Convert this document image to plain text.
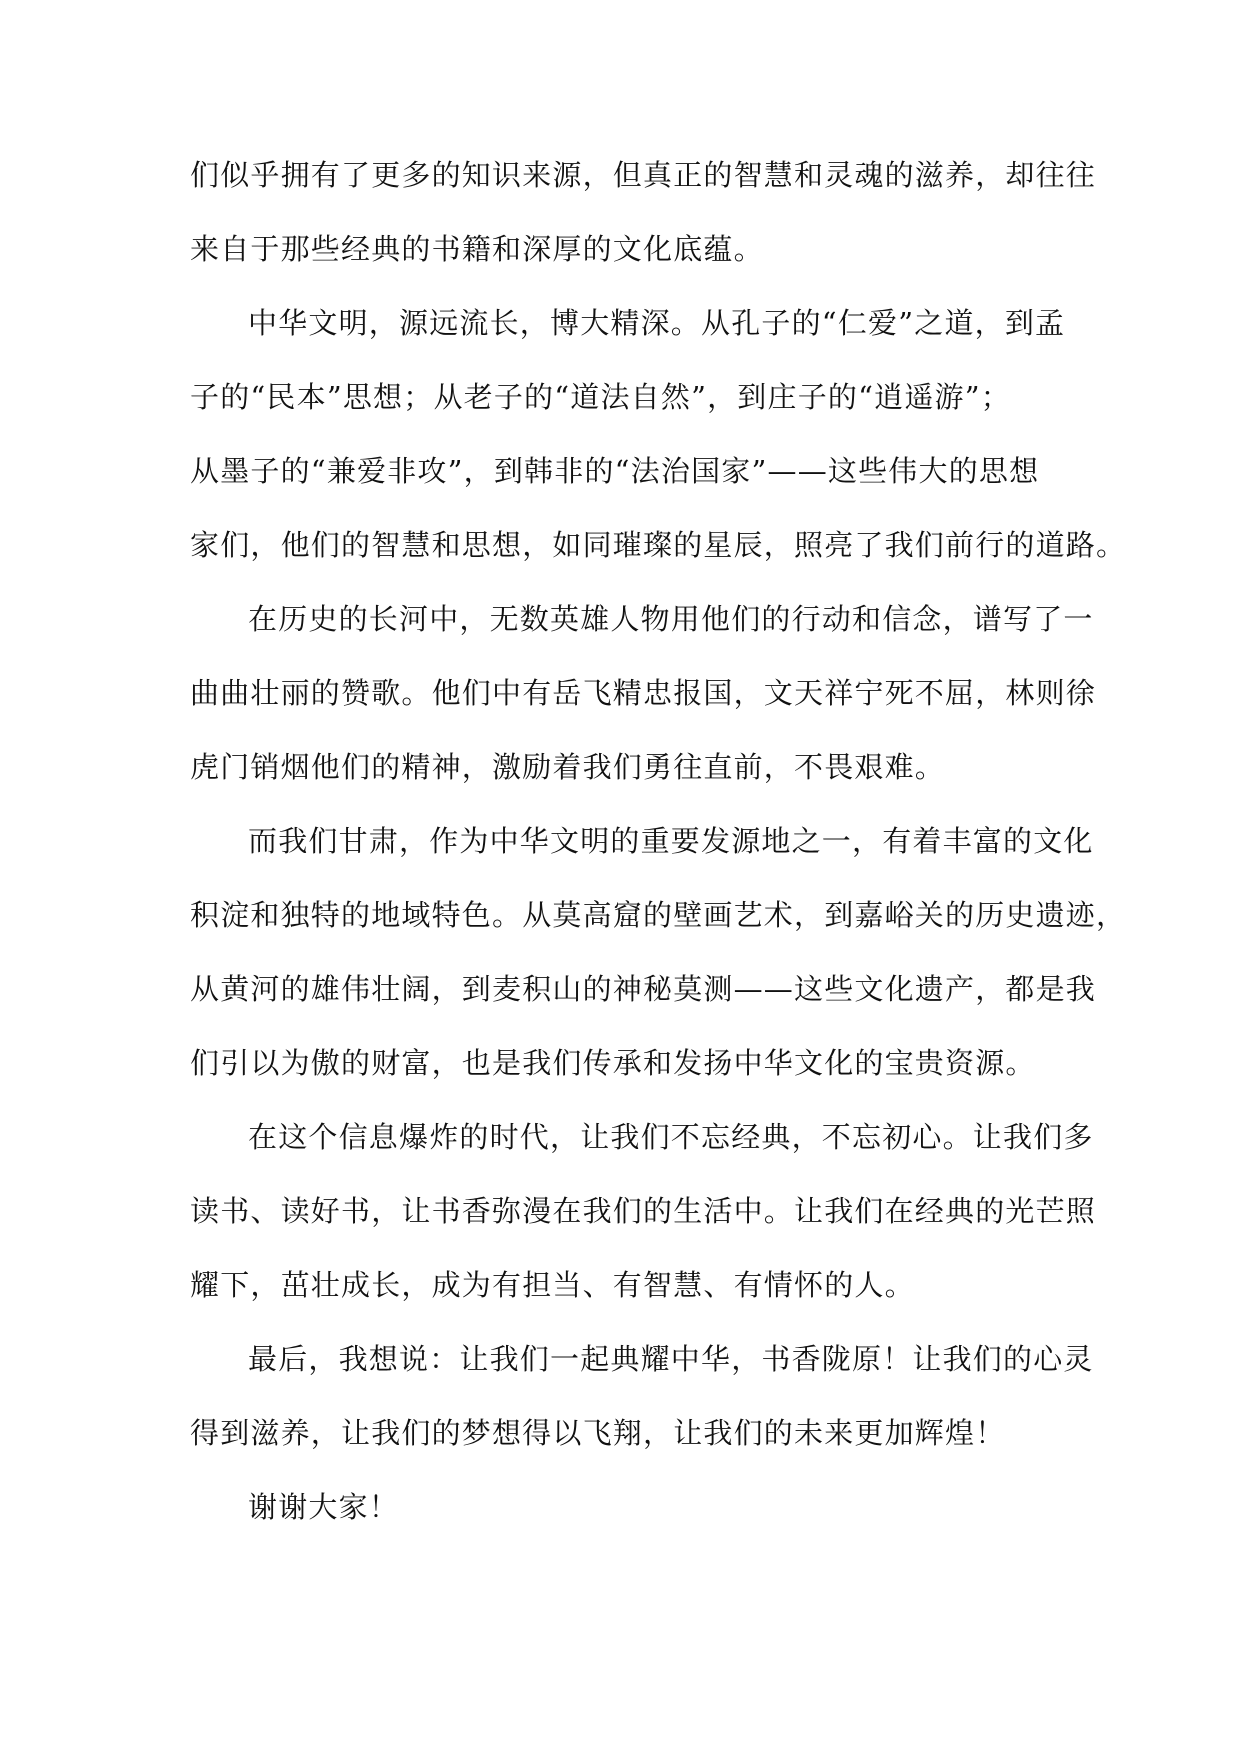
们似乎拥有了更多的知识来源，但真正的智慧和灵魂的滋养，却往往
来自于那些经典的书籍和深厚的文化底蕴。
中华文明，源远流长，博大精深。从孔子的“仁爱”之道，到孟
子的“民本”思想；从老子的“道法自然”，到庄子的“逍遥游”；
从墨子的“兼爱非攻”，到韩非的“法治国家”——这些伟大的思想
家们，他们的智慧和思想，如同璀璨的星辰，照亮了我们前行的道路。
在历史的长河中，无数英雄人物用他们的行动和信念，谱写了一
曲曲壮丽的赞歌。他们中有岳飞精忠报国，文天祥宁死不屈，林则徐
虎门销烟他们的精神，激励着我们勇往直前，不畏艰难。
而我们甘肃，作为中华文明的重要发源地之一，有着丰富的文化
积淀和独特的地域特色。从莫高窟的壁画艺术，到嘉峪关的历史遗迹，
从黄河的雄伟壮阔，到麦积山的神秘莫测——这些文化遗产，都是我
们引以为傲的财富，也是我们传承和发扬中华文化的宝贵资源。
在这个信息爆炸的时代，让我们不忘经典，不忘初心。让我们多
读书、读好书，让书香弥漫在我们的生活中。让我们在经典的光芒照
耀下，茁壮成长，成为有担当、有智慧、有情怀的人。
最后，我想说：让我们一起典耀中华，书香陇原！让我们的心灵
得到滋养，让我们的梦想得以飞翔，让我们的未来更加辉煌！
谢谢大家！
